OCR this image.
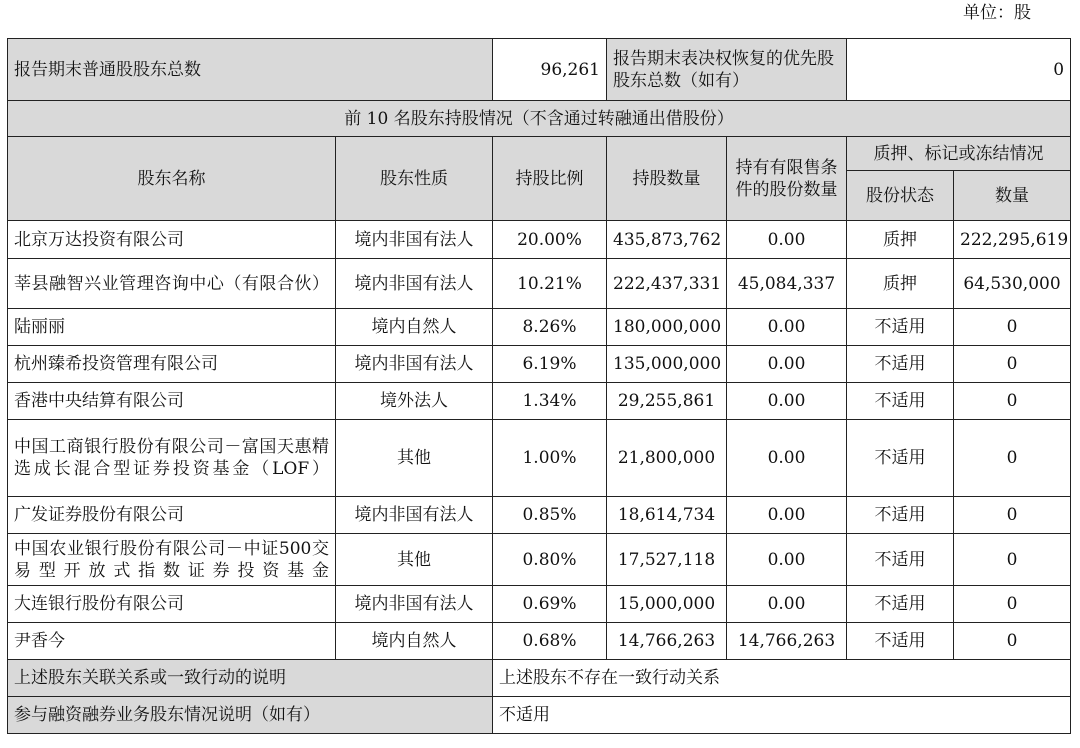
单位：股
报告期末普通股股东总数		96,261	报告期末表决权恢复的优先股股东总数（如有）		0	
前 10 名股东持股情况（不含通过转融通出借股份）						
股东名称	股东性质	持股比例	持股数量	持有有限售条件的股份数量	质押、标记或冻结情况	
					股份状态	数量
北京万达投资有限公司	境内非国有法人	20.00%	435,873,762	0.00	质押	222,295,619
莘县融智兴业管理咨询中心（有限合伙）	境内非国有法人	10.21%	222,437,331	45,084,337	质押	64,530,000
陆丽丽	境内自然人	8.26%	180,000,000	0.00	不适用	0
杭州臻希投资管理有限公司	境内非国有法人	6.19%	135,000,000	0.00	不适用	0
香港中央结算有限公司	境外法人	1.34%	29,255,861	0.00	不适用	0
中国工商银行股份有限公司－富国天惠精选成长混合型证券投资基金（LOF）	其他	1.00%	21,800,000	0.00	不适用	0
广发证券股份有限公司	境内非国有法人	0.85%	18,614,734	0.00	不适用	0
中国农业银行股份有限公司－中证500交易型开放式指数证券投资基金	其他	0.80%	17,527,118	0.00	不适用	0
大连银行股份有限公司	境内非国有法人	0.69%	15,000,000	0.00	不适用	0
尹香今	境内自然人	0.68%	14,766,263	14,766,263	不适用	0
上述股东关联关系或一致行动的说明		上述股东不存在一致行动关系				
参与融资融券业务股东情况说明（如有）		不适用				
